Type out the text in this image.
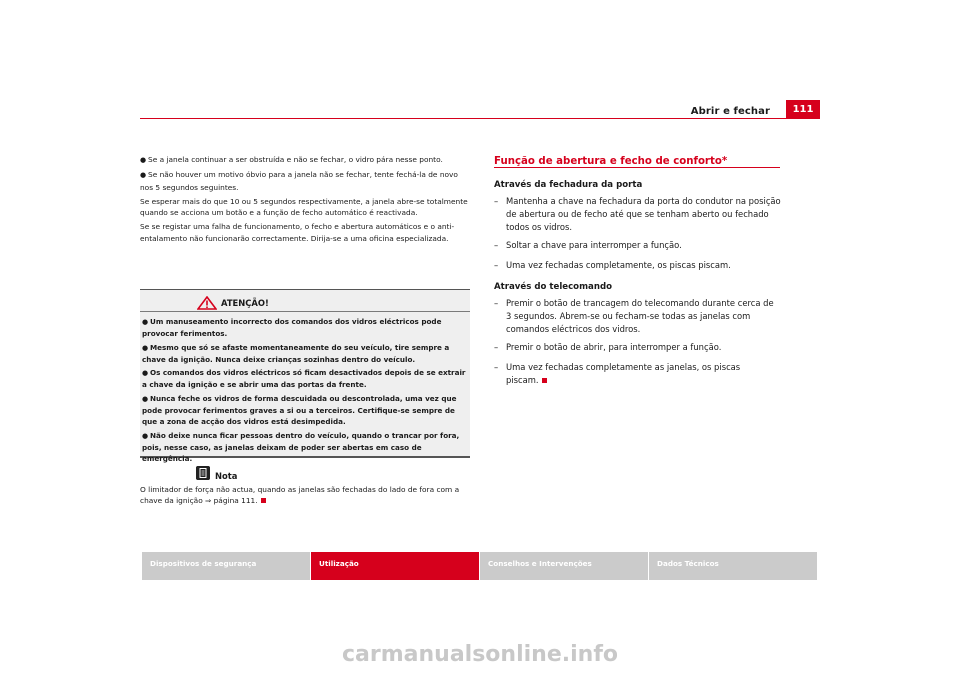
Abrir e fechar	111

● Se a janela continuar a ser obstruída e não se fechar, o vidro pára nesse ponto.

● Se não houver um motivo óbvio para a janela não se fechar, tente fechá-la de novo nos 5 segundos seguintes.

Se esperar mais do que 10 ou 5 segundos respectivamente, a janela abre-se totalmente quando se acciona um botão e a função de fecho automático é reactivada.

Se se registar uma falha de funcionamento, o fecho e abertura automáticos e o anti-entalamento não funcionarão correctamente. Dirija-se a uma oficina especializada.

ATENÇÃO!

● Um manuseamento incorrecto dos comandos dos vidros eléctricos pode provocar ferimentos.

● Mesmo que só se afaste momentaneamente do seu veículo, tire sempre a chave da ignição. Nunca deixe crianças sozinhas dentro do veículo.

● Os comandos dos vidros eléctricos só ficam desactivados depois de se extrair a chave da ignição e se abrir uma das portas da frente.

● Nunca feche os vidros de forma descuidada ou descontrolada, uma vez que pode provocar ferimentos graves a si ou a terceiros. Certifique-se sempre de que a zona de acção dos vidros está desimpedida.

● Não deixe nunca ficar pessoas dentro do veículo, quando o trancar por fora, pois, nesse caso, as janelas deixam de poder ser abertas em caso de emergência.

Nota
O limitador de força não actua, quando as janelas são fechadas do lado de fora com a chave da ignição ⇒ página 111.
Função de abertura e fecho de conforto*
Através da fechadura da porta
– Mantenha a chave na fechadura da porta do condutor na posição de abertura ou de fecho até que se tenham aberto ou fechado todos os vidros.
– Soltar a chave para interromper a função.
– Uma vez fechadas completamente, os piscas piscam.
Através do telecomando
– Premir o botão de trancagem do telecomando durante cerca de 3 segundos. Abrem-se ou fecham-se todas as janelas com comandos eléctricos dos vidros.
– Premir o botão de abrir, para interromper a função.
– Uma vez fechadas completamente as janelas, os piscas piscam.
Dispositivos de segurança	Utilização	Conselhos e Intervenções	Dados Técnicos
carmanualsonline.info
